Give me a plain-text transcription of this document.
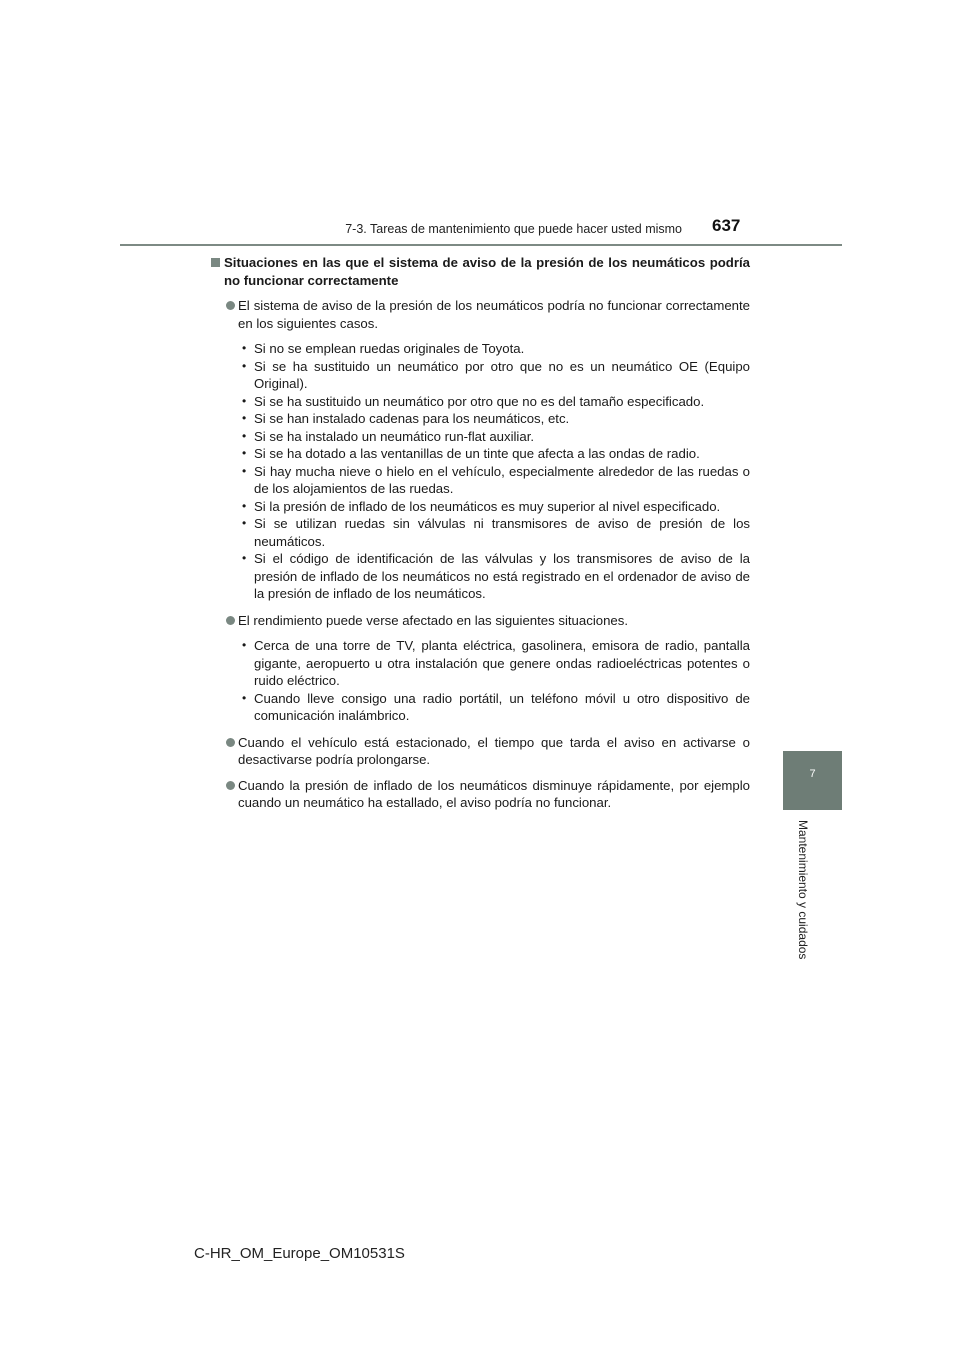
7-3. Tareas de mantenimiento que puede hacer usted mismo 637
7
Mantenimiento y cuidados
Situaciones en las que el sistema de aviso de la presión de los neumáticos podría no funcionar correctamente
El sistema de aviso de la presión de los neumáticos podría no funcionar correctamente en los siguientes casos.
• Si no se emplean ruedas originales de Toyota.
• Si se ha sustituido un neumático por otro que no es un neumático OE (Equipo Original).
• Si se ha sustituido un neumático por otro que no es del tamaño especificado.
• Si se han instalado cadenas para los neumáticos, etc.
• Si se ha instalado un neumático run-flat auxiliar.
• Si se ha dotado a las ventanillas de un tinte que afecta a las ondas de radio.
• Si hay mucha nieve o hielo en el vehículo, especialmente alrededor de las ruedas o de los alojamientos de las ruedas.
• Si la presión de inflado de los neumáticos es muy superior al nivel especificado.
• Si se utilizan ruedas sin válvulas ni transmisores de aviso de presión de los neumáticos.
• Si el código de identificación de las válvulas y los transmisores de aviso de la presión de inflado de los neumáticos no está registrado en el ordenador de aviso de la presión de inflado de los neumáticos.
El rendimiento puede verse afectado en las siguientes situaciones.
• Cerca de una torre de TV, planta eléctrica, gasolinera, emisora de radio, pantalla gigante, aeropuerto u otra instalación que genere ondas radioeléctricas potentes o ruido eléctrico.
• Cuando lleve consigo una radio portátil, un teléfono móvil u otro dispositivo de comunicación inalámbrico.
Cuando el vehículo está estacionado, el tiempo que tarda el aviso en activarse o desactivarse podría prolongarse.
Cuando la presión de inflado de los neumáticos disminuye rápidamente, por ejemplo cuando un neumático ha estallado, el aviso podría no funcionar.
C-HR_OM_Europe_OM10531S
